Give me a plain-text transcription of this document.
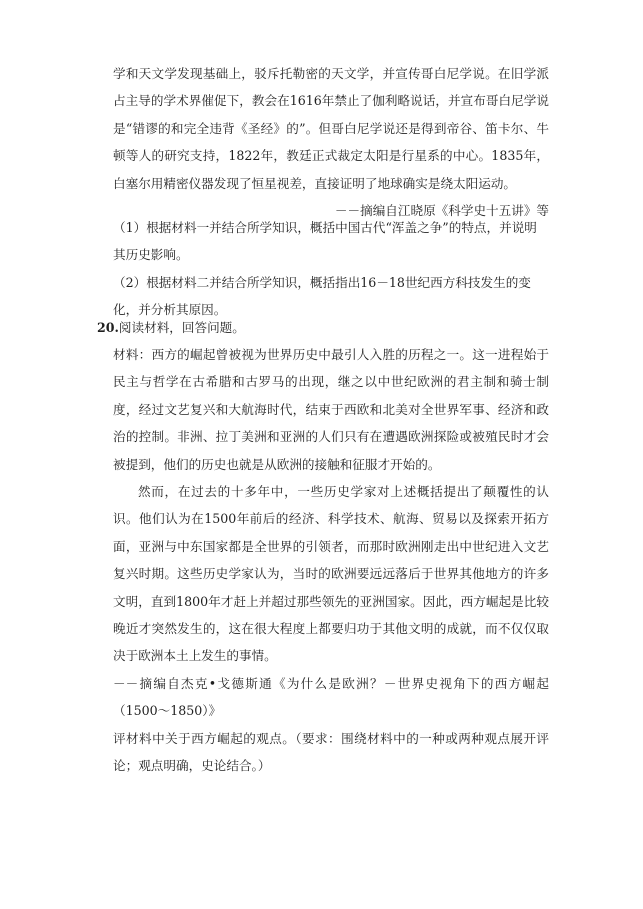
学和天文学发现基础上，驳斥托勒密的天文学，并宣传哥白尼学说。在旧学派占主导的学术界催促下，教会在1616年禁止了伽利略说话，并宣布哥白尼学说是“错谬的和完全违背《圣经》的”。但哥白尼学说还是得到帝谷、笛卡尔、牛顿等人的研究支持，1822年，教廷正式裁定太阳是行星系的中心。1835年，白塞尔用精密仪器发现了恒星视差，直接证明了地球确实是绕太阳运动。

－－摘编自江晓原《科学史十五讲》等

（1）根据材料一并结合所学知识，概括中国古代“浑盖之争”的特点，并说明其历史影响。

（2）根据材料二并结合所学知识，概括指出16－18世纪西方科技发生的变化，并分析其原因。

20.阅读材料，回答问题。

材料：西方的崛起曾被视为世界历史中最引人入胜的历程之一。这一进程始于民主与哲学在古希腊和古罗马的出现，继之以中世纪欧洲的君主制和骑士制度，经过文艺复兴和大航海时代，结束于西欧和北美对全世界军事、经济和政治的控制。非洲、拉丁美洲和亚洲的人们只有在遭遇欧洲探险或被殖民时才会被提到，他们的历史也就是从欧洲的接触和征服才开始的。

然而，在过去的十多年中，一些历史学家对上述概括提出了颠覆性的认识。他们认为在1500年前后的经济、科学技术、航海、贸易以及探索开拓方面，亚洲与中东国家都是全世界的引领者，而那时欧洲刚走出中世纪进入文艺复兴时期。这些历史学家认为，当时的欧洲要远远落后于世界其他地方的许多文明，直到1800年才赶上并超过那些领先的亚洲国家。因此，西方崛起是比较晚近才突然发生的，这在很大程度上都要归功于其他文明的成就，而不仅仅取决于欧洲本土上发生的事情。

－－摘编自杰克•戈德斯通《为什么是欧洲？－世界史视角下的西方崛起（1500～1850）》

评材料中关于西方崛起的观点。（要求：围绕材料中的一种或两种观点展开评论；观点明确，史论结合。）
